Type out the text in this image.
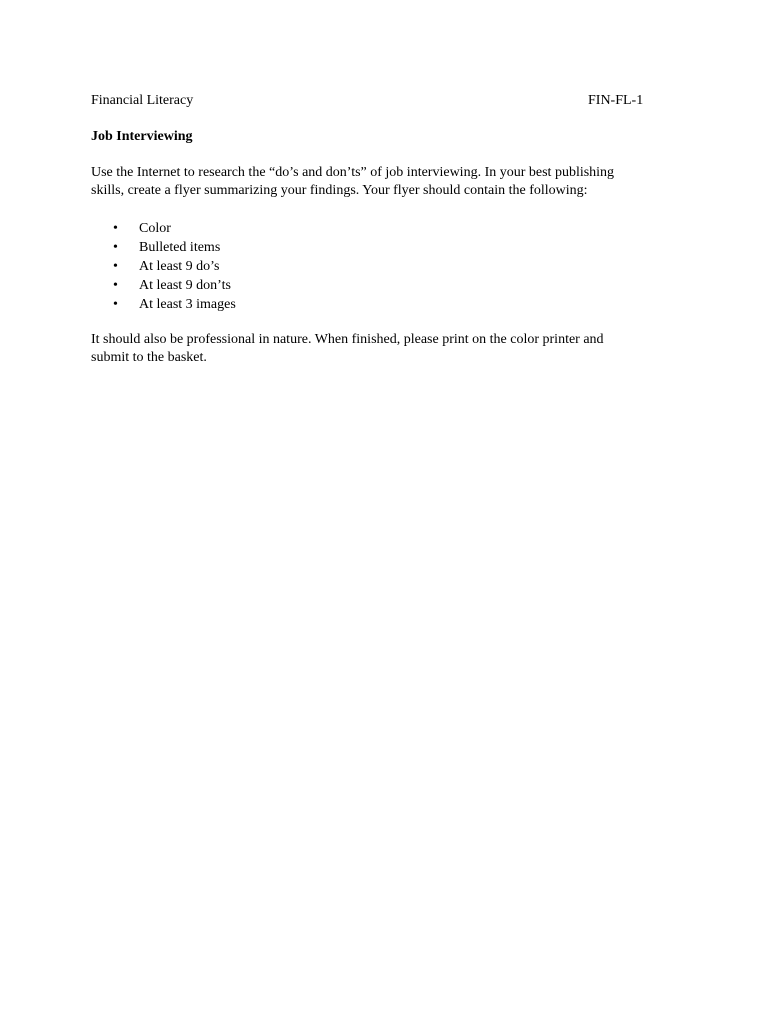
Financial Literacy	FIN-FL-1
Job Interviewing

Use the Internet to research the “do’s and don’ts” of job interviewing. In your best publishing

skills, create a flyer summarizing your findings. Your flyer should contain the following:

•	Color
•	Bulleted items
•	At least 9 do’s
•	At least 9 don’ts
•	At least 3 images

It should also be professional in nature. When finished, please print on the color printer and

submit to the basket.
